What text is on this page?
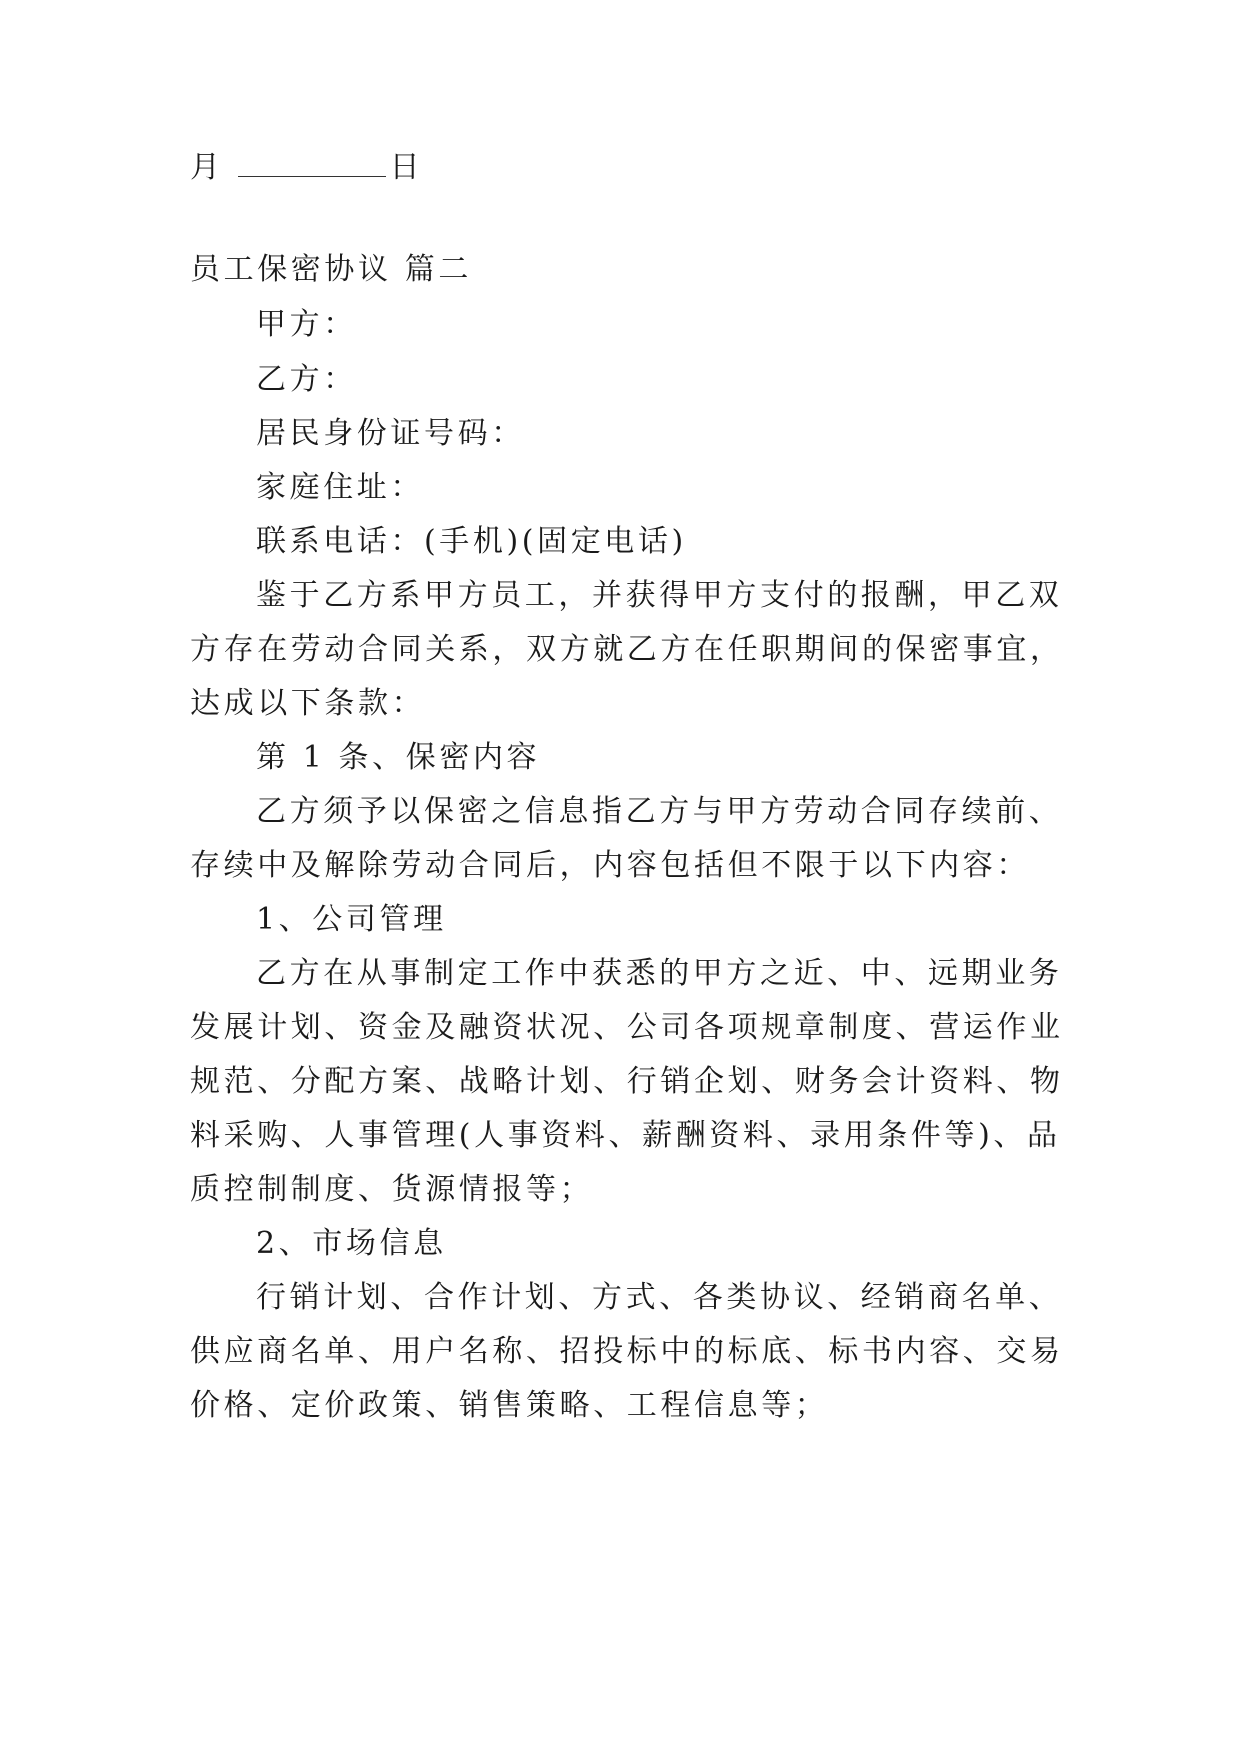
月	日
员工保密协议 篇二
甲方：
乙方：
居民身份证号码：
家庭住址：
联系电话：(手机)(固定电话)
鉴于乙方系甲方员工，并获得甲方支付的报酬，甲乙双
方存在劳动合同关系，双方就乙方在任职期间的保密事宜，
达成以下条款：
第 1 条、保密内容
乙方须予以保密之信息指乙方与甲方劳动合同存续前、
存续中及解除劳动合同后，内容包括但不限于以下内容：
1、公司管理
乙方在从事制定工作中获悉的甲方之近、中、远期业务
发展计划、资金及融资状况、公司各项规章制度、营运作业
规范、分配方案、战略计划、行销企划、财务会计资料、物
料采购、人事管理(人事资料、薪酬资料、录用条件等)、品
质控制制度、货源情报等；
2、市场信息
行销计划、合作计划、方式、各类协议、经销商名单、
供应商名单、用户名称、招投标中的标底、标书内容、交易
价格、定价政策、销售策略、工程信息等；
